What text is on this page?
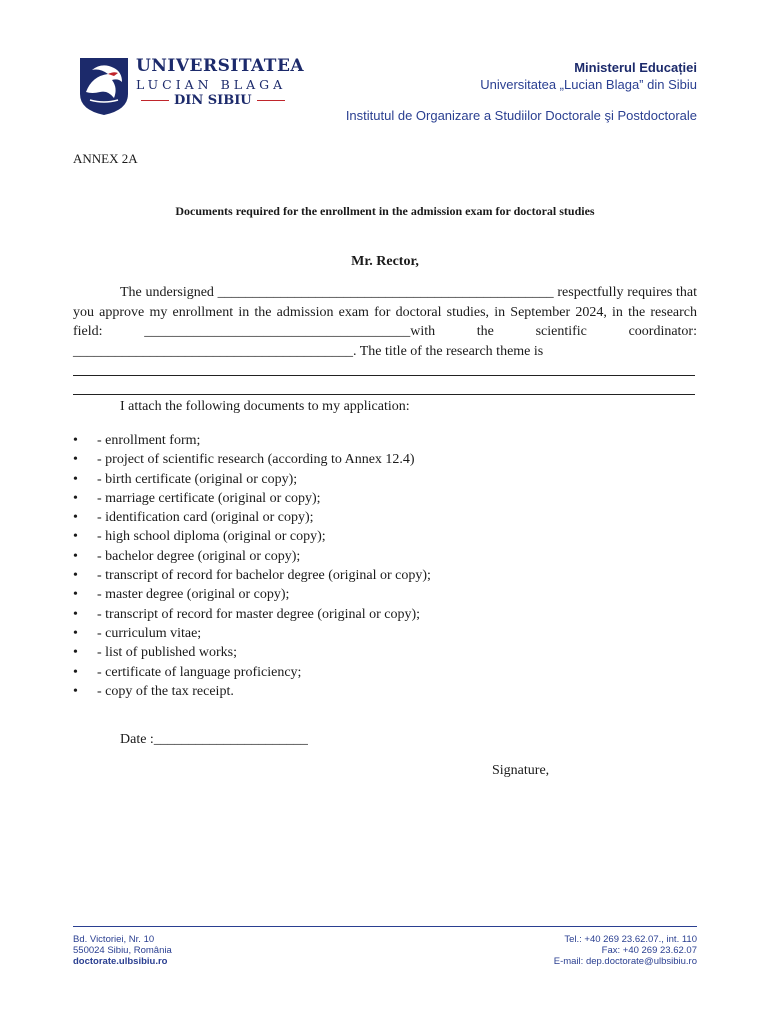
UNIVERSITATEA
LUCIAN BLAGA
DIN SIBIU
Ministerul Educației
Universitatea „Lucian Blaga” din Sibiu
Institutul de Organizare a Studiilor Doctorale şi Postdoctorale
ANNEX 2A
Documents required for the enrollment in the admission exam for doctoral studies
Mr. Rector,
The undersigned ________________________________________________ respectfully requires that you approve my enrollment in the admission exam for doctoral studies, in September 2024, in the research field: ______________________________________with the scientific coordinator: ________________________________________. The title of the research theme is
I attach the following documents to my application:
• - enrollment form;
• - project of scientific research (according to Annex 12.4)
• - birth certificate (original or copy);
• - marriage certificate (original or copy);
• - identification card (original or copy);
• - high school diploma (original or copy);
• - bachelor degree (original or copy);
• - transcript of record for bachelor degree (original or copy);
• - master degree (original or copy);
• - transcript of record for master degree (original or copy);
• - curriculum vitae;
• - list of published works;
• - certificate of language proficiency;
• - copy of the tax receipt.
Date :______________________
Signature,
Bd. Victoriei, Nr. 10
550024 Sibiu, România
doctorate.ulbsibiu.ro
Tel.: +40 269 23.62.07., int. 110
Fax: +40 269 23.62.07
E-mail: dep.doctorate@ulbsibiu.ro
